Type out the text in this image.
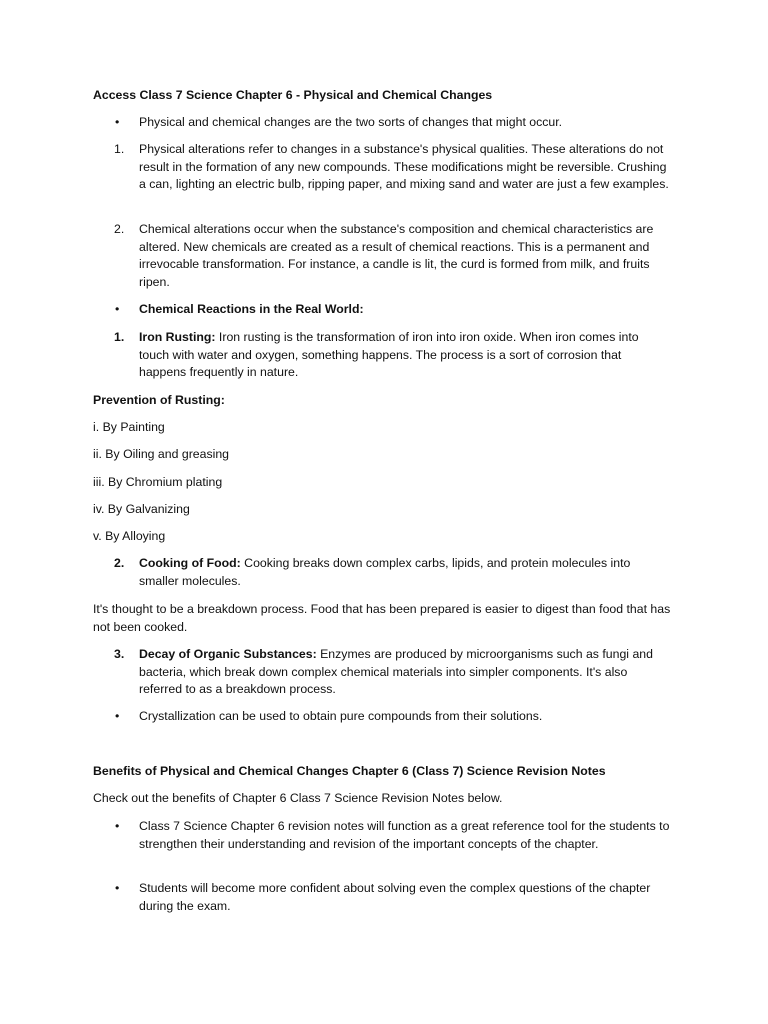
Access Class 7 Science Chapter 6 - Physical and Chemical Changes
• Physical and chemical changes are the two sorts of changes that might occur.
1. Physical alterations refer to changes in a substance's physical qualities. These alterations do not result in the formation of any new compounds. These modifications might be reversible. Crushing a can, lighting an electric bulb, ripping paper, and mixing sand and water are just a few examples.
2. Chemical alterations occur when the substance's composition and chemical characteristics are altered. New chemicals are created as a result of chemical reactions. This is a permanent and irrevocable transformation. For instance, a candle is lit, the curd is formed from milk, and fruits ripen.
• Chemical Reactions in the Real World:
1. Iron Rusting: Iron rusting is the transformation of iron into iron oxide. When iron comes into touch with water and oxygen, something happens. The process is a sort of corrosion that happens frequently in nature.
Prevention of Rusting:
i. By Painting
ii. By Oiling and greasing
iii. By Chromium plating
iv. By Galvanizing
v. By Alloying
2. Cooking of Food: Cooking breaks down complex carbs, lipids, and protein molecules into smaller molecules.
It's thought to be a breakdown process. Food that has been prepared is easier to digest than food that has not been cooked.
3. Decay of Organic Substances: Enzymes are produced by microorganisms such as fungi and bacteria, which break down complex chemical materials into simpler components. It's also referred to as a breakdown process.
• Crystallization can be used to obtain pure compounds from their solutions.
Benefits of Physical and Chemical Changes Chapter 6 (Class 7) Science Revision Notes
Check out the benefits of Chapter 6 Class 7 Science Revision Notes below.
• Class 7 Science Chapter 6 revision notes will function as a great reference tool for the students to strengthen their understanding and revision of the important concepts of the chapter.
• Students will become more confident about solving even the complex questions of the chapter during the exam.
